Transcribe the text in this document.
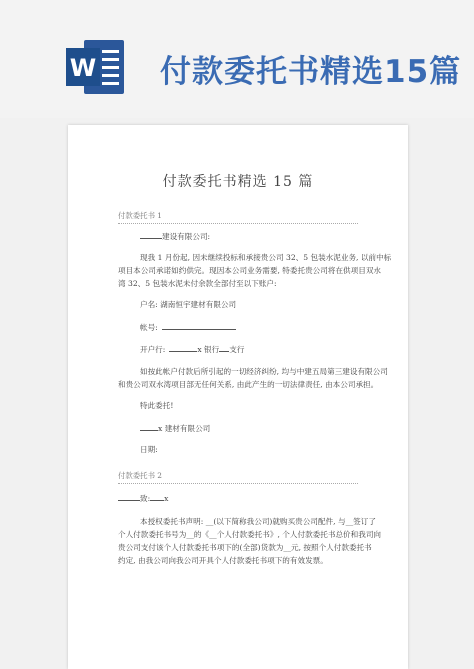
W 付款委托书精选15篇
付款委托书精选 15 篇
付款委托书 1
建设有限公司:
现我 1 月份起, 因未继续投标和承接贵公司 32、5 包装水泥业务, 以前中标
项目本公司承诺如约供完。现因本公司业务需要, 特委托贵公司将在供项目双水
湾 32、5 包装水泥未付余款全部付至以下账户:
户名: 湖南恒宇建材有限公司
帐号:
开户行:	x 银行 支行
如按此帐户付款后所引起的一切经济纠纷, 均与中建五局第三建设有限公司
和贵公司双水湾项目部无任何关系, 由此产生的一切法律责任, 由本公司承担。
特此委托!
x 建材有限公司
日期:
付款委托书 2
致: x
本授权委托书声明: __(以下简称我公司)就购买贵公司配件, 与__签订了
个人付款委托书号为__的《__个人付款委托书》, 个人付款委托书总价和我司向
贵公司支付该个人付款委托书项下的(全部)货款为__元, 按照个人付款委托书
约定, 由我公司向我公司开具个人付款委托书项下的有效发票。
